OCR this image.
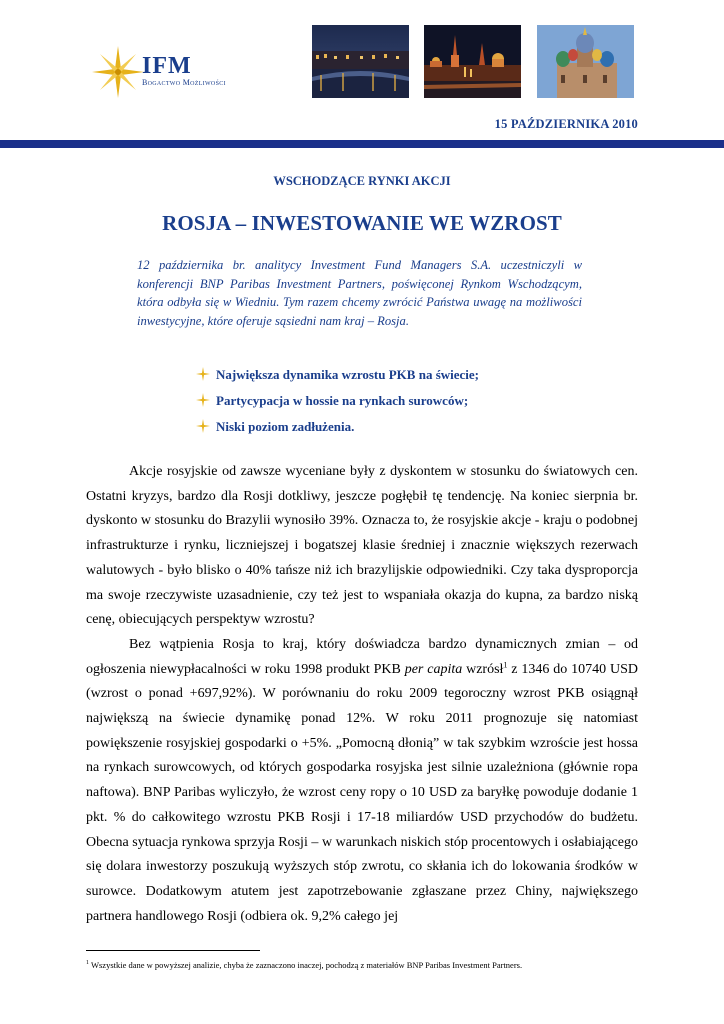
IFM
Bogactwo Możliwości
15 PAŹDZIERNIKA 2010
WSCHODZĄCE RYNKI AKCJI
ROSJA – INWESTOWANIE WE WZROST

12 października br. analitycy Investment Fund Managers S.A. uczestniczyli w konferencji BNP Paribas Investment Partners, poświęconej Rynkom Wschodzącym, która odbyła się w Wiedniu. Tym razem chcemy zwrócić Państwa uwagę na możliwości inwestycyjne, które oferuje sąsiedni nam kraj – Rosja.

Największa dynamika wzrostu PKB na świecie;
Partycypacja w hossie na rynkach surowców;
Niski poziom zadłużenia.

Akcje rosyjskie od zawsze wyceniane były z dyskontem w stosunku do światowych cen. Ostatni kryzys, bardzo dla Rosji dotkliwy, jeszcze pogłębił tę tendencję. Na koniec sierpnia br. dyskonto w stosunku do Brazylii wynosiło 39%. Oznacza to, że rosyjskie akcje - kraju o podobnej infrastrukturze i rynku, liczniejszej i bogatszej klasie średniej i znacznie większych rezerwach walutowych - było blisko o 40% tańsze niż ich brazylijskie odpowiedniki. Czy taka dysproporcja ma swoje rzeczywiste uzasadnienie, czy też jest to wspaniała okazja do kupna, za bardzo niską cenę, obiecujących perspektyw wzrostu?

Bez wątpienia Rosja to kraj, który doświadcza bardzo dynamicznych zmian – od ogłoszenia niewypłacalności w roku 1998 produkt PKB per capita wzrósł$^1$ z 1346 do 10740 USD (wzrost o ponad +697,92%). W porównaniu do roku 2009 tegoroczny wzrost PKB osiągnął największą na świecie dynamikę ponad 12%. W roku 2011 prognozuje się natomiast powiększenie rosyjskiej gospodarki o +5%. „Pomocną dłonią” w tak szybkim wzroście jest hossa na rynkach surowcowych, od których gospodarka rosyjska jest silnie uzależniona (głównie ropa naftowa). BNP Paribas wyliczyło, że wzrost ceny ropy o 10 USD za baryłkę powoduje dodanie 1 pkt. % do całkowitego wzrostu PKB Rosji i 17-18 miliardów USD przychodów do budżetu. Obecna sytuacja rynkowa sprzyja Rosji – w warunkach niskich stóp procentowych i osłabiającego się dolara inwestorzy poszukują wyższych stóp zwrotu, co skłania ich do lokowania środków w surowce. Dodatkowym atutem jest zapotrzebowanie zgłaszane przez Chiny, największego partnera handlowego Rosji (odbiera ok. 9,2% całego jej

$^1$ Wszystkie dane w powyższej analizie, chyba że zaznaczono inaczej, pochodzą z materiałów BNP Paribas Investment Partners.
